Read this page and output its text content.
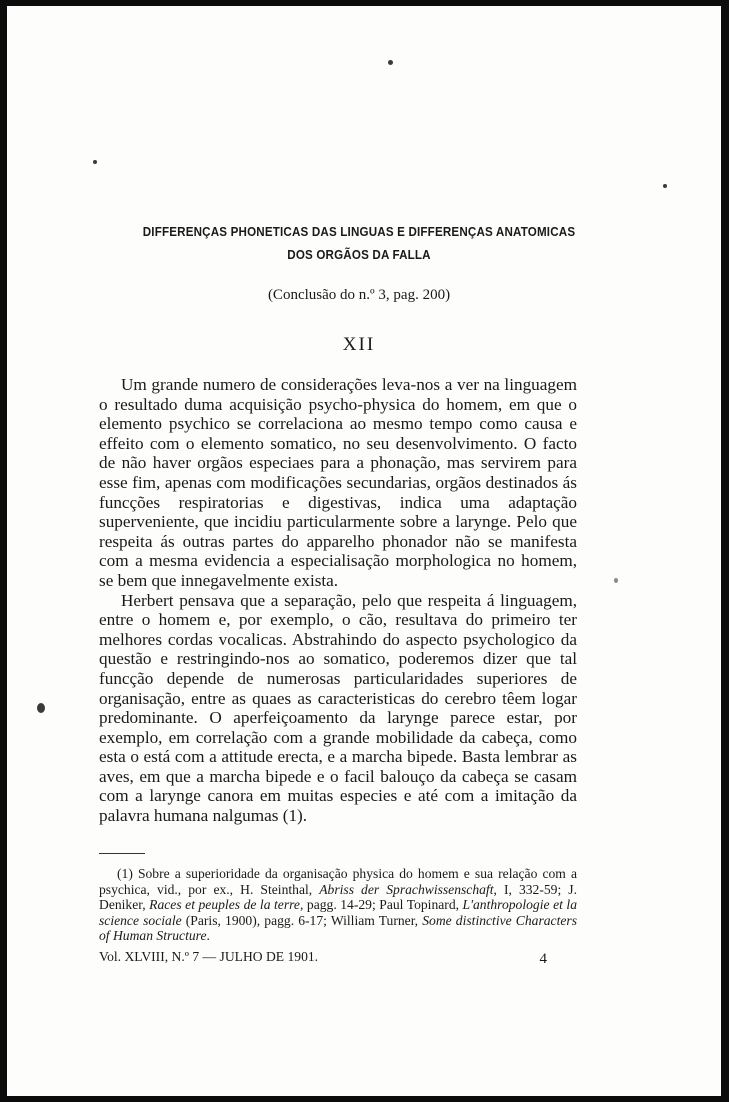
DIFFERENÇAS PHONETICAS DAS LINGUAS E DIFFERENÇAS ANATOMICAS
DOS ORGÃOS DA FALLA
(Conclusão do n.º 3, pag. 200)
XII

Um grande numero de considerações leva-nos a ver na linguagem o resultado duma acquisição psycho-physica do homem, em que o elemento psychico se correlaciona ao mesmo tempo como causa e effeito com o elemento somatico, no seu desenvolvimento. O facto de não haver orgãos especiaes para a phonação, mas servirem para esse fim, apenas com modificações secundarias, orgãos destinados ás funcções respiratorias e digestivas, indica uma adaptação superveniente, que incidiu particularmente sobre a larynge. Pelo que respeita ás outras partes do apparelho phonador não se manifesta com a mesma evidencia a especialisação morphologica no homem, se bem que innegavelmente exista.

Herbert pensava que a separação, pelo que respeita á linguagem, entre o homem e, por exemplo, o cão, resultava do primeiro ter melhores cordas vocalicas. Abstrahindo do aspecto psychologico da questão e restringindo-nos ao somatico, poderemos dizer que tal funcção depende de numerosas particularidades superiores de organisação, entre as quaes as caracteristicas do cerebro têem logar predominante. O aperfeiçoamento da larynge parece estar, por exemplo, em correlação com a grande mobilidade da cabeça, como esta o está com a attitude erecta, e a marcha bipede. Basta lembrar as aves, em que a marcha bipede e o facil balouço da cabeça se casam com a larynge canora em muitas especies e até com a imitação da palavra humana nalgumas (1).

(1) Sobre a superioridade da organisação physica do homem e sua relação com a psychica, vid., por ex., H. Steinthal, Abriss der Sprachwissenschaft, I, 332-59; J. Deniker, Races et peuples de la terre, pagg. 14-29; Paul Topinard, L'anthropologie et la science sociale (Paris, 1900), pagg. 6-17; William Turner, Some distinctive Characters of Human Structure.

Vol. XLVIII, N.º 7 — JULHO DE 1901.	4
